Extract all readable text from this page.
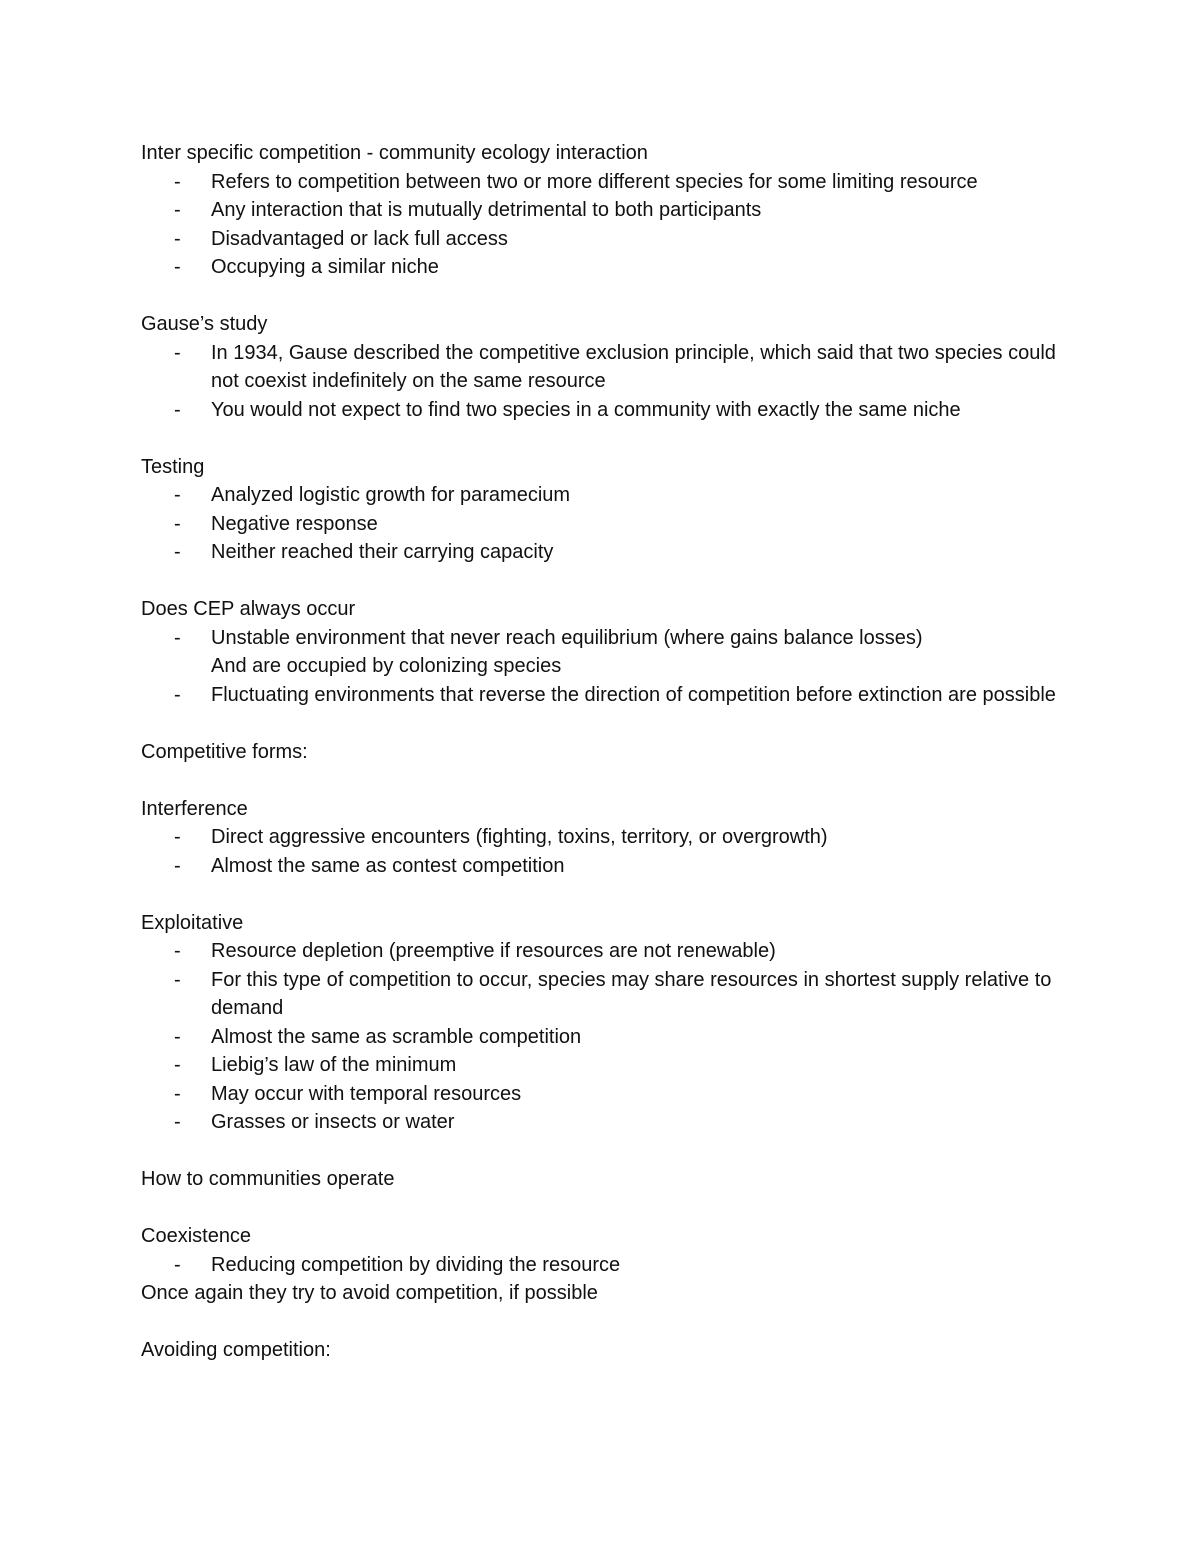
Inter specific competition - community ecology interaction

- Refers to competition between two or more different species for some limiting resource
- Any interaction that is mutually detrimental to both participants
- Disadvantaged or lack full access
- Occupying a similar niche

Gause’s study

- In 1934, Gause described the competitive exclusion principle, which said that two species could not coexist indefinitely on the same resource
- You would not expect to find two species in a community with exactly the same niche

Testing

- Analyzed logistic growth for paramecium
- Negative response
- Neither reached their carrying capacity

Does CEP always occur

- Unstable environment that never reach equilibrium (where gains balance losses)
And are occupied by colonizing species
- Fluctuating environments that reverse the direction of competition before extinction are possible

Competitive forms:

Interference

- Direct aggressive encounters (fighting, toxins, territory, or overgrowth)
- Almost the same as contest competition

Exploitative

- Resource depletion (preemptive if resources are not renewable)
- For this type of competition to occur, species may share resources in shortest supply relative to demand
- Almost the same as scramble competition
- Liebig’s law of the minimum
- May occur with temporal resources
- Grasses or insects or water

How to communities operate

Coexistence

- Reducing competition by dividing the resource

Once again they try to avoid competition, if possible

Avoiding competition:
